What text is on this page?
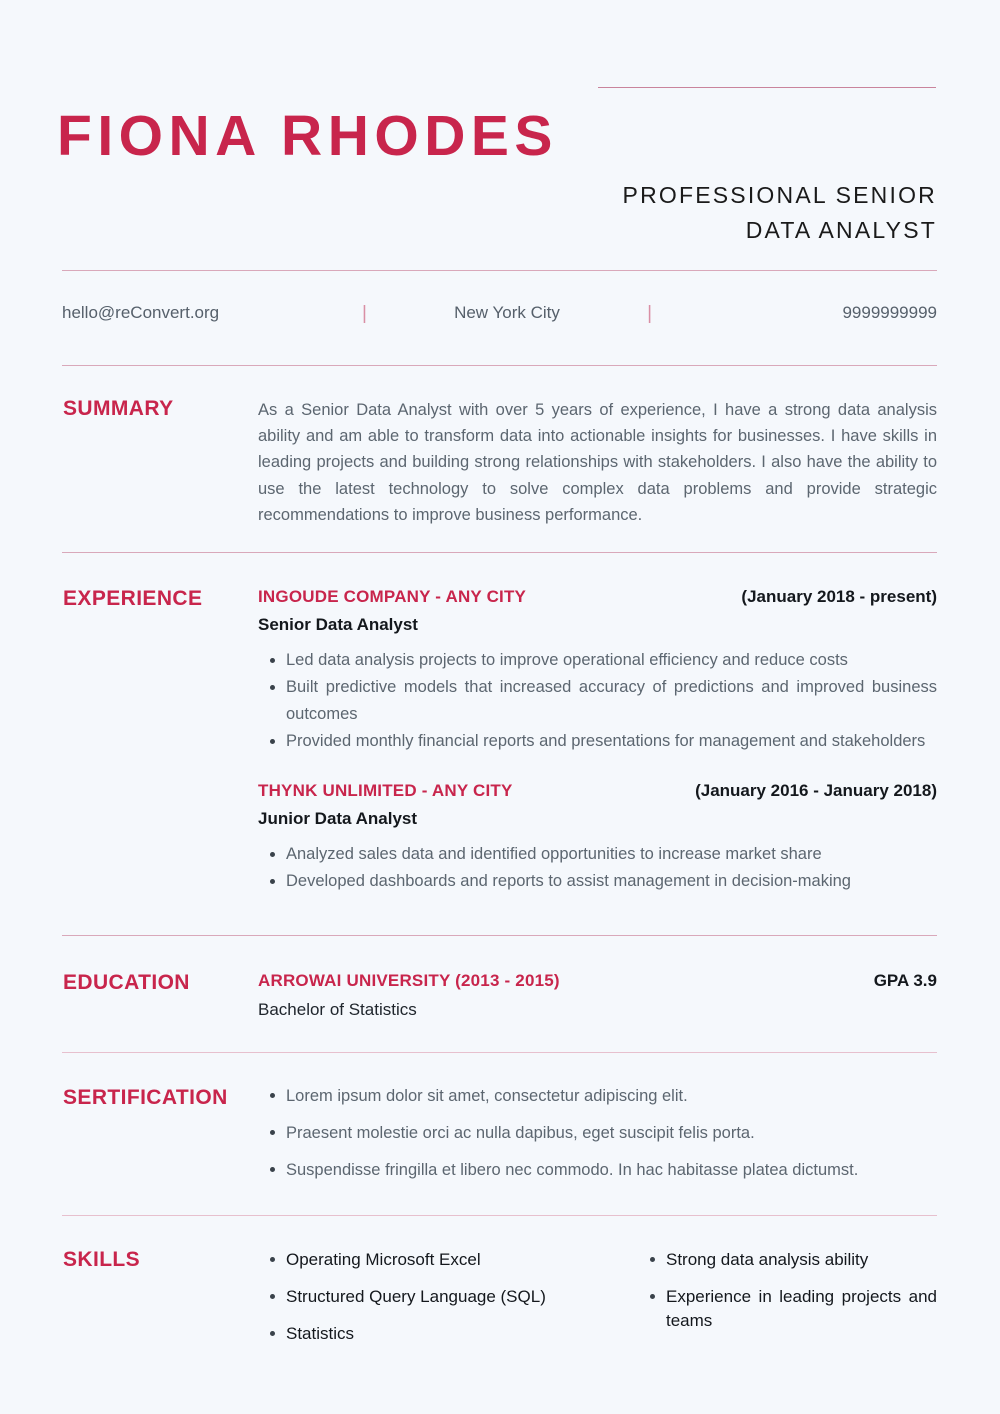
FIONA RHODES
PROFESSIONAL SENIOR
DATA ANALYST
hello@reConvert.org	|	New York City	|	9999999999
SUMMARY	As a Senior Data Analyst with over 5 years of experience, I have a strong data analysis ability and am able to transform data into actionable insights for businesses. I have skills in leading projects and building strong relationships with stakeholders. I also have the ability to use the latest technology to solve complex data problems and provide strategic recommendations to improve business performance.

EXPERIENCE	INGOUDE COMPANY - ANY CITY	(January 2018 - present)
Senior Data Analyst
Led data analysis projects to improve operational efficiency and reduce costs
Built predictive models that increased accuracy of predictions and improved business outcomes
Provided monthly financial reports and presentations for management and stakeholders
THYNK UNLIMITED - ANY CITY	(January 2016 - January 2018)
Junior Data Analyst
Analyzed sales data and identified opportunities to increase market share
Developed dashboards and reports to assist management in decision-making
EDUCATION	ARROWAI UNIVERSITY (2013 - 2015)	GPA 3.9
Bachelor of Statistics
SERTIFICATION	Lorem ipsum dolor sit amet, consectetur adipiscing elit.
Praesent molestie orci ac nulla dapibus, eget suscipit felis porta.
Suspendisse fringilla et libero nec commodo. In hac habitasse platea dictumst.
SKILLS	Operating Microsoft Excel
Structured Query Language (SQL)
Statistics
Strong data analysis ability
Experience in leading projects and teams
